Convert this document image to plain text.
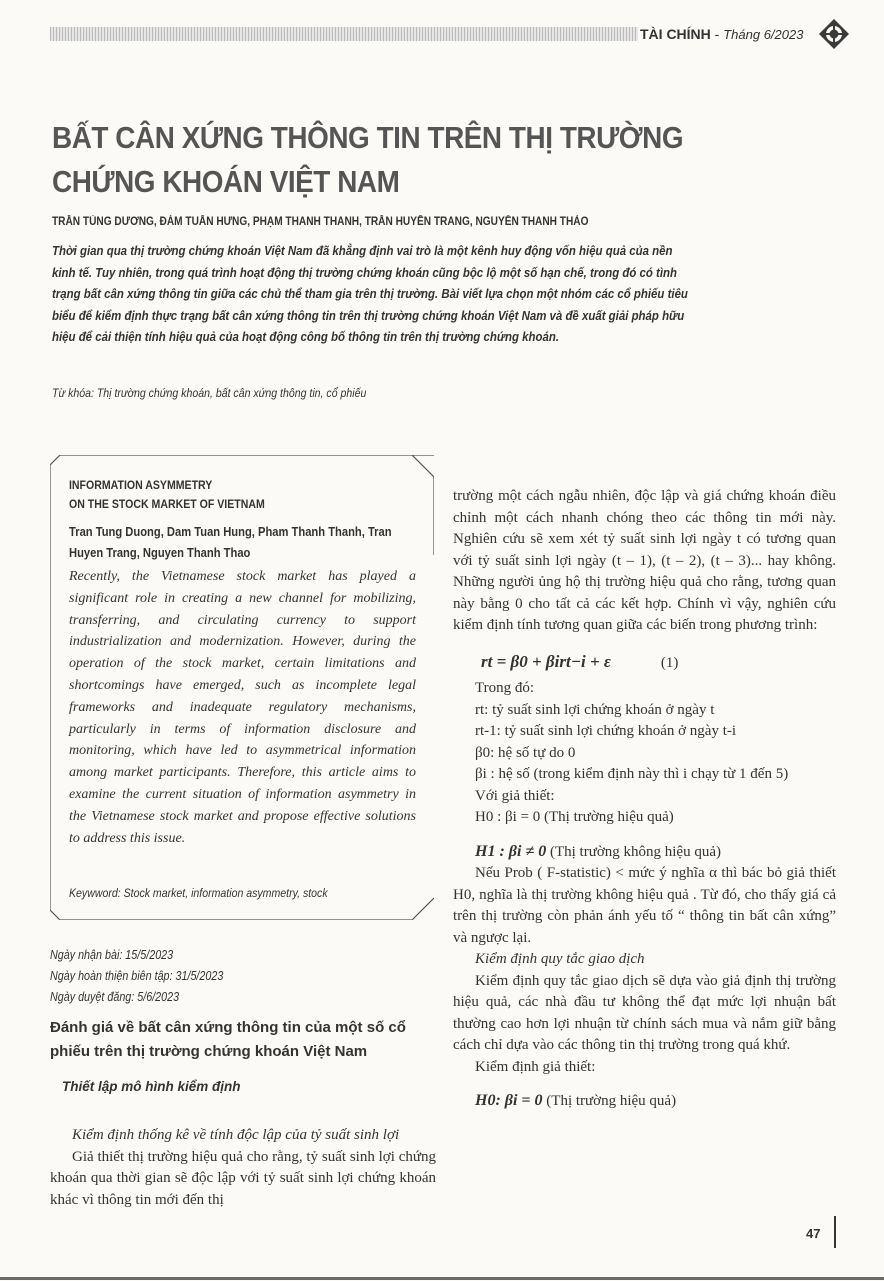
TÀI CHÍNH - Tháng 6/2023
BẤT CÂN XỨNG THÔNG TIN TRÊN THỊ TRƯỜNG
CHỨNG KHOÁN VIỆT NAM
TRẦN TÙNG DƯƠNG, ĐÀM TUẤN HƯNG, PHẠM THANH THANH, TRẦN HUYỀN TRANG, NGUYỄN THANH THẢO

Thời gian qua thị trường chứng khoán Việt Nam đã khẳng định vai trò là một kênh huy động vốn hiệu quả của nền kinh tế. Tuy nhiên, trong quá trình hoạt động thị trường chứng khoán cũng bộc lộ một số hạn chế, trong đó có tình trạng bất cân xứng thông tin giữa các chủ thể tham gia trên thị trường. Bài viết lựa chọn một nhóm các cổ phiếu tiêu biểu để kiểm định thực trạng bất cân xứng thông tin trên thị trường chứng khoán Việt Nam và đề xuất giải pháp hữu hiệu để cải thiện tính hiệu quả của hoạt động công bố thông tin trên thị trường chứng khoán.

Từ khóa: Thị trường chứng khoán, bất cân xứng thông tin, cổ phiếu
INFORMATION ASYMMETRY
ON THE STOCK MARKET OF VIETNAM
Tran Tung Duong, Dam Tuan Hung, Pham Thanh Thanh, Tran Huyen Trang, Nguyen Thanh Thao

Recently, the Vietnamese stock market has played a significant role in creating a new channel for mobilizing, transferring, and circulating currency to support industrialization and modernization. However, during the operation of the stock market, certain limitations and shortcomings have emerged, such as incomplete legal frameworks and inadequate regulatory mechanisms, particularly in terms of information disclosure and monitoring, which have led to asymmetrical information among market participants. Therefore, this article aims to examine the current situation of information asymmetry in the Vietnamese stock market and propose effective solutions to address this issue.

Keywword: Stock market, information asymmetry, stock
Ngày nhận bài: 15/5/2023
Ngày hoàn thiện biên tập: 31/5/2023
Ngày duyệt đăng: 5/6/2023
Đánh giá về bất cân xứng thông tin của một số cổ phiếu trên thị trường chứng khoán Việt Nam
Thiết lập mô hình kiểm định

Kiểm định thống kê về tính độc lập của tỷ suất sinh lợi

Giả thiết thị trường hiệu quả cho rằng, tỷ suất sinh lợi chứng khoán qua thời gian sẽ độc lập với tỷ suất sinh lợi chứng khoán khác vì thông tin mới đến thị

trường một cách ngẫu nhiên, độc lập và giá chứng khoán điều chỉnh một cách nhanh chóng theo các thông tin mới này. Nghiên cứu sẽ xem xét tỷ suất sinh lợi ngày t có tương quan với tỷ suất sinh lợi ngày (t – 1), (t – 2), (t – 3)... hay không. Những người ủng hộ thị trường hiệu quả cho rằng, tương quan này bằng 0 cho tất cả các kết hợp. Chính vì vậy, nghiên cứu kiểm định tính tương quan giữa các biến trong phương trình:

rt = β0 + βirt−i + ε	(1)

Trong đó:

rt: tỷ suất sinh lợi chứng khoán ở ngày t

rt-1: tỷ suất sinh lợi chứng khoán ở ngày t-i

β0: hệ số tự do 0

βi : hệ số (trong kiểm định này thì i chạy từ 1 đến 5)

Với giả thiết:

H0 : βi = 0 (Thị trường hiệu quả)

H1 : βi ≠ 0 (Thị trường không hiệu quả)

Nếu Prob ( F-statistic) < mức ý nghĩa α thì bác bỏ giả thiết H0, nghĩa là thị trường không hiệu quả . Từ đó, cho thấy giá cả trên thị trường còn phản ánh yếu tố “ thông tin bất cân xứng” và ngược lại.

Kiểm định quy tắc giao dịch

Kiểm định quy tắc giao dịch sẽ dựa vào giả định thị trường hiệu quả, các nhà đầu tư không thể đạt mức lợi nhuận bất thường cao hơn lợi nhuận từ chính sách mua và nắm giữ bằng cách chỉ dựa vào các thông tin thị trường trong quá khứ.

Kiểm định giả thiết:

H0: βi = 0 (Thị trường hiệu quả)

47
